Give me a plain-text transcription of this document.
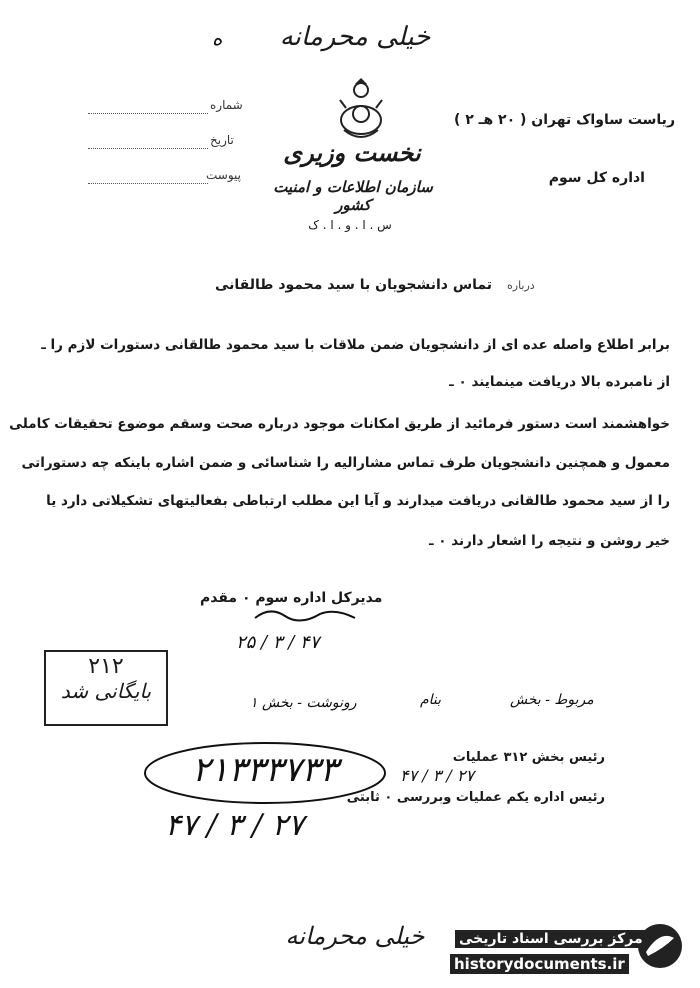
خیلی محرمانه
ه
نخست وزیری
سازمان اطلاعات و امنیت کشور
س . ا . و . ا . ک
شماره
تاریخ
پیوست
ریاست ساواک تهران ( ۲۰ هـ ۲ )
اداره کل سوم
درباره
تماس دانشجویان با سید محمود طالقانی
برابر اطلاع واصله عده ای از دانشجویان ضمن ملاقات با سید محمود طالقانی دستورات لازم را ـ
از نامبرده بالا دریافت مینمایند ۰ ـ
خواهشمند است دستور فرمائید از طریق امکانات موجود درباره صحت وسقم موضوع تحقیقات کاملی
معمول و همچنین دانشجویان طرف تماس مشارالیه را شناسائی و ضمن اشاره باینکه چه دستوراتی
را از سید محمود طالقانی دریافت میدارند و آیا این مطلب ارتباطی بفعالیتهای تشکیلاتی دارد یا
خیر روشن و نتیجه را اشعار دارند ۰ ـ
مدیرکل اداره سوم ۰ مقدم
۲۵ / ۳ / ۴۷
۲۱۲
بایگانی شد	رونوشت - بخش ۱	بنام	مربوط - بخش
رئیس بخش ۳۱۲ عملیات
۴۷ / ۳ / ۲۷
رئیس اداره یکم عملیات وبررسی ۰ ثابتی
۲۱۳۳۳۷۳۳
۴۷ / ۳ / ۲۷
خیلی محرمانه	مرکز بررسی اسناد تاریخی
historydocuments.ir
